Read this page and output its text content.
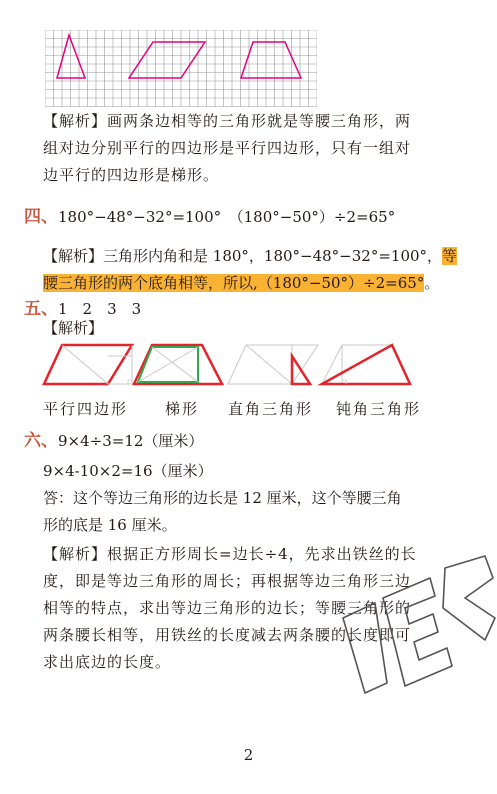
【解析】画两条边相等的三角形就是等腰三角形，两
组对边分别平行的四边形是平行四边形，只有一组对
边平行的四边形是梯形。
四、180°−48°−32°=100°　（180°−50°）÷2=65°
【解析】三角形内角和是 180°，180°−48°−32°=100°，等
腰三角形的两个底角相等，所以,（180°−50°）÷2=65°。
五、1　2　3　3
【解析】
平行四边形 梯形 直角三角形 钝角三角形
六、9×4÷3=12（厘米）
9×4-10×2=16（厘米）
答：这个等边三角形的边长是 12 厘米，这个等腰三角
形的底是 16 厘米。
【解析】根据正方形周长=边长÷4，先求出铁丝的长
度，即是等边三角形的周长；再根据等边三角形三边
相等的特点，求出等边三角形的边长；等腰三角形的
两条腰长相等，用铁丝的长度减去两条腰的长度即可
求出底边的长度。
2
